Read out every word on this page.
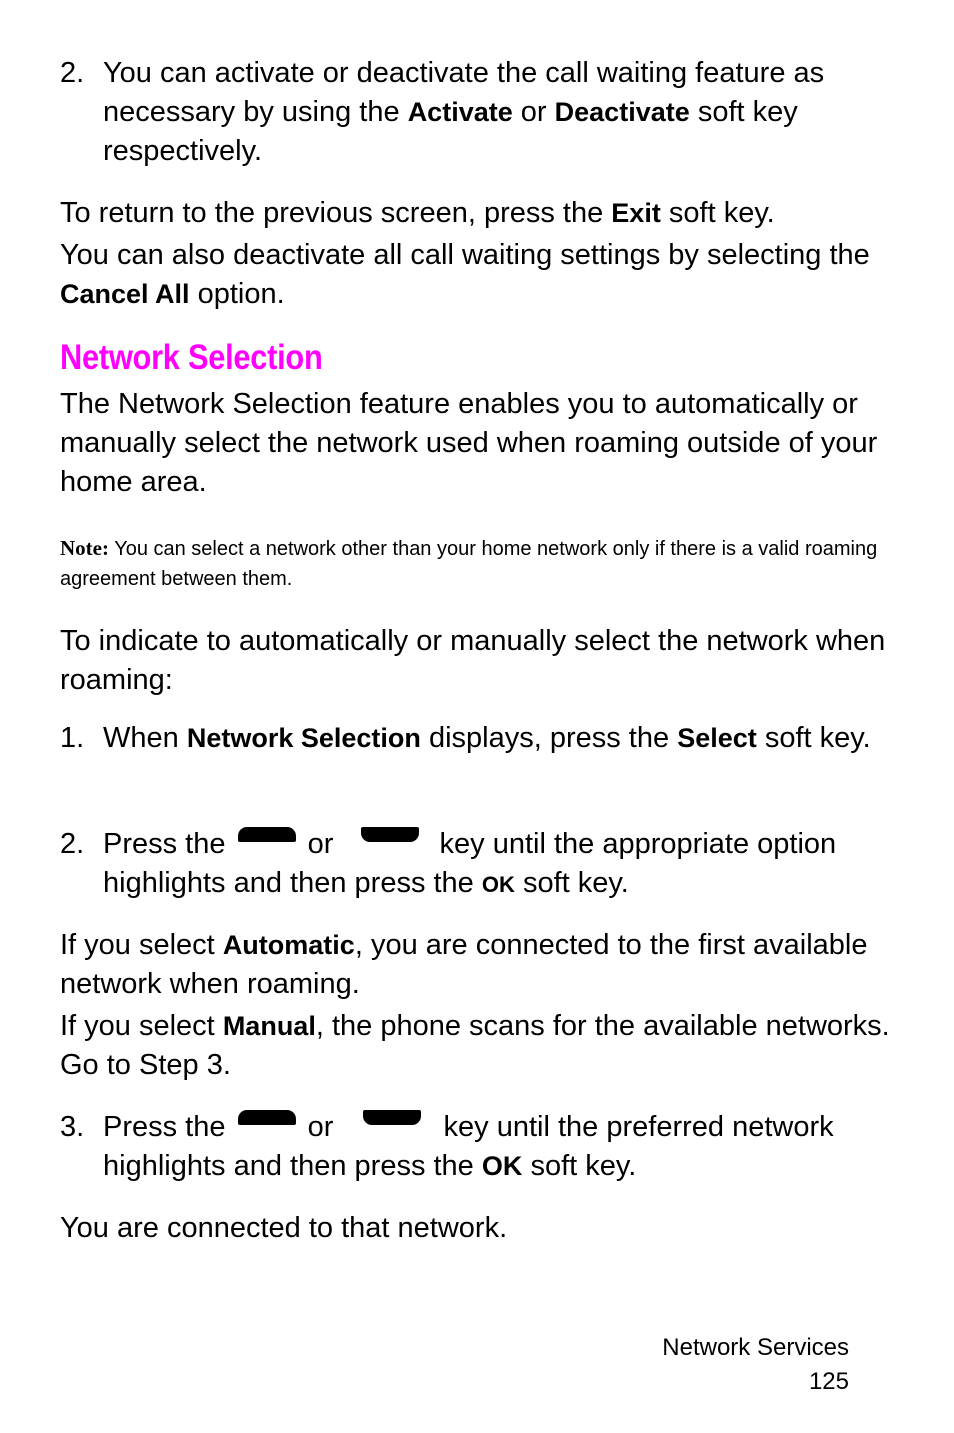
2. You can activate or deactivate the call waiting feature as necessary by using the Activate or Deactivate soft key respectively.

To return to the previous screen, press the Exit soft key.

You can also deactivate all call waiting settings by selecting the Cancel All option.

Network Selection

The Network Selection feature enables you to automatically or manually select the network used when roaming outside of your home area.

Note: You can select a network other than your home network only if there is a valid roaming agreement between them.

To indicate to automatically or manually select the network when roaming:

1. When Network Selection displays, press the Select soft key.
2. Press the	or	key until the appropriate option highlights and then press the OK soft key.

If you select Automatic, you are connected to the first available network when roaming.

If you select Manual, the phone scans for the available networks. Go to Step 3.

3. Press the	or	key until the preferred network highlights and then press the OK soft key.

You are connected to that network.

Network Services
125
